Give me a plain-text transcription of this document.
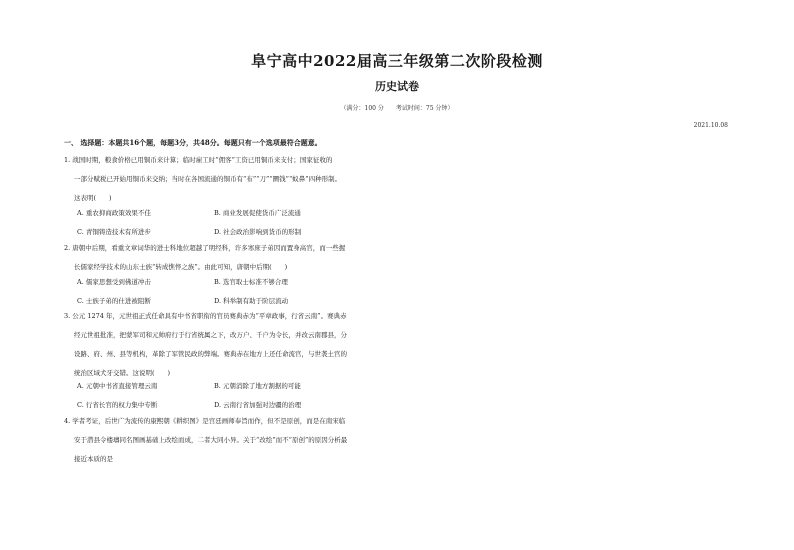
阜宁高中2022届高三年级第二次阶段检测
历史试卷
（满分：100 分　　考试时间：75 分钟）
2021.10.08
一、 选择题：本题共16个题，每题3分，共48分。每题只有一个选项最符合题意。
1. 战国时期，粮食价格已用铜币来计算；临时雇工时“佣客”工资已用铜币来支付；国家征收的
一部分赋税已开始用铜币来交纳；当时在各国流通的铜币有“布”“刀”“圜钱”“蚁鼻”四种形制。
这表明(　　)
A. 重农抑商政策效果不佳	B. 商业发展促使货币广泛流通
C. 青铜铸造技术有所进步	D. 社会政治影响到货币的形制
2. 唐朝中后期，看重文章词华的进士科地位超越了明经科，许多寒庶子弟因而置身高官，而一些握
长儒家经学技术的山东士族“转成憔悴之族”。由此可知，唐朝中后期(　　)
A. 儒家思想受到佛道冲击	B. 选官取士标准不够合理
C. 士族子弟的仕进被阻断	D. 科举制有助于阶层流动
3. 公元 1274 年，元世祖正式任命具有中书省职衔的官员赛典赤为“平章政事，行省云南”。赛典赤
经元世祖批准，把蒙军司和元帅府行于行省统属之下，改万户、千户为令长，并改云南郡县，分
设路、府、州、县等机构，革除了军管民政的弊端。赛典赤在地方上还任命流官，与世袭土官的
统治区域犬牙交错。这说明(　　)
A. 元朝中书省直接管理云南	B. 元朝消除了地方割据的可能
C. 行省长官的权力集中专断	D. 云南行省加强对边疆的治理
4. 学者考证，后世广为流传的康熙朝《耕织图》是宫廷画师奉旨而作，但不是原创，而是在南宋临
安于潜县令楼璹同名图画基础上改绘而成，二者大同小异。关于“改绘”而不“原创”的原因分析最
接近本质的是
